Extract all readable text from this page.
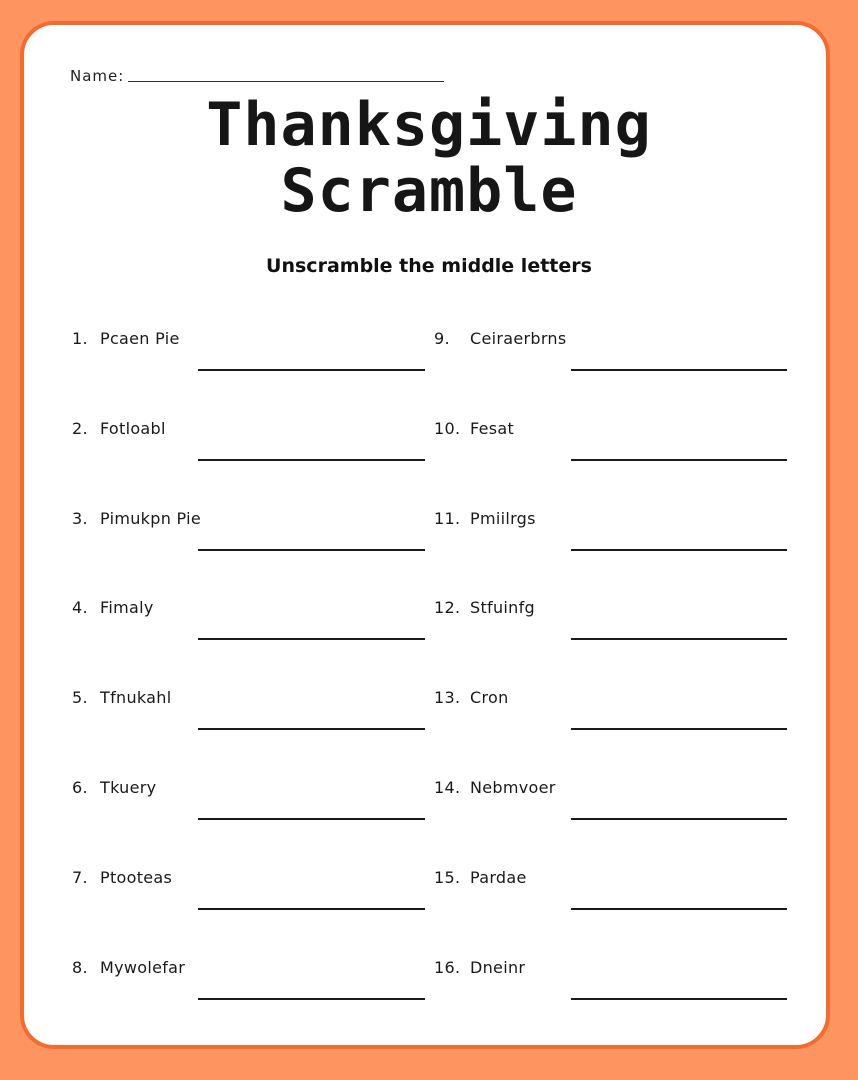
Name:
Thanksgiving
Scramble
Unscramble the middle letters
1. Pcaen Pie
2. Fotloabl
3. Pimukpn Pie
4. Fimaly
5. Tfnukahl
6. Tkuery
7. Ptooteas
8. Mywolefar
9. Ceiraerbrns
10. Fesat
11. Pmiilrgs
12. Stfuinfg
13. Cron
14. Nebmvoer
15. Pardae
16. Dneinr
